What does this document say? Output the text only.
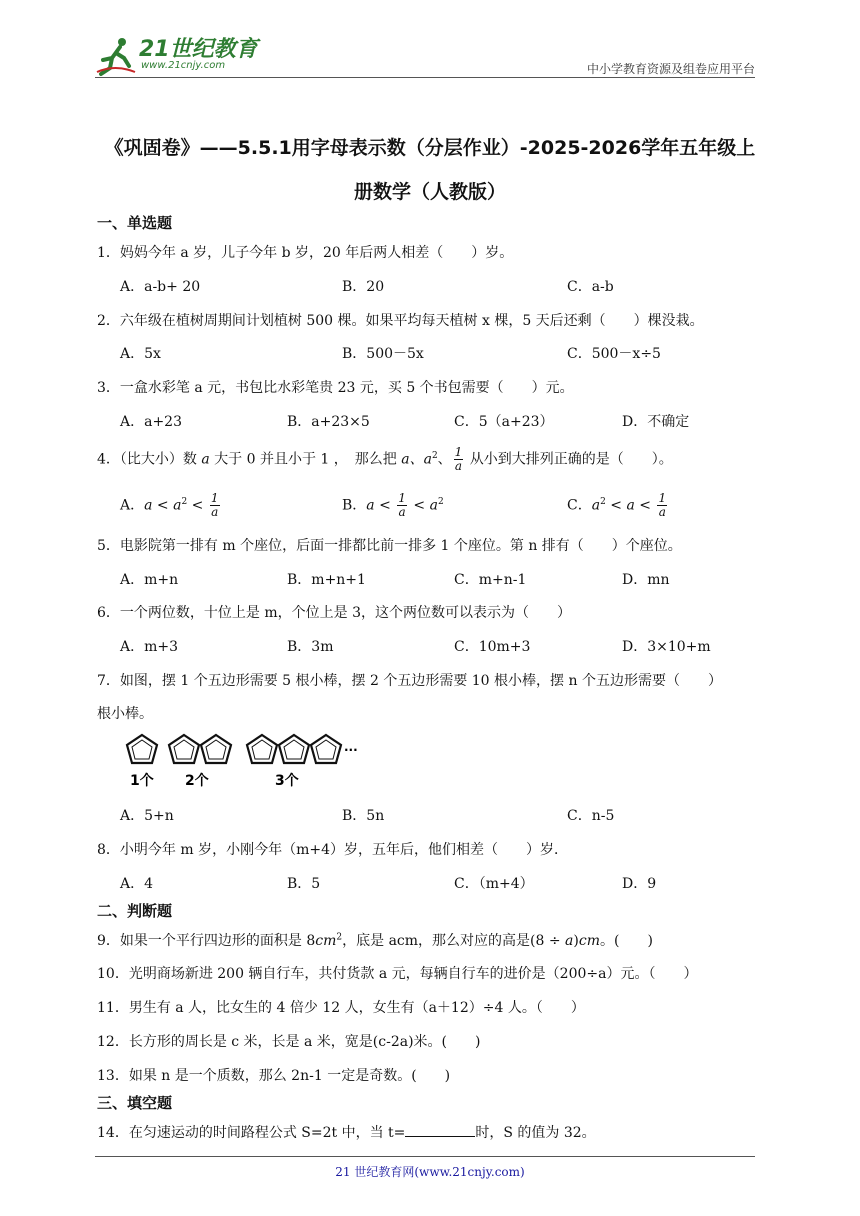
21世纪教育
www.21cnjy.com	中小学教育资源及组卷应用平台
《巩固卷》——5.5.1用字母表示数（分层作业）-2025-2026学年五年级上
册数学（人教版）
一、单选题
1．妈妈今年 a 岁，儿子今年 b 岁，20 年后两人相差（　　）岁。
A．a-b+ 20	B．20	C．a-b
2．六年级在植树周期间计划植树 500 棵。如果平均每天植树 x 棵，5 天后还剩（　　）棵没栽。
A．5x	B．500－5x	C．500－x÷5
3．一盒水彩笔 a 元，书包比水彩笔贵 23 元，买 5 个书包需要（　　）元。
A．a+23	B．a+23×5	C．5（a+23）	D．不确定
4．（比大小）数 a 大于 0 并且小于 1 ，　那么把 a、$a^2$、 $\frac{1}{a}$ 从小到大排列正确的是（　　）。
A．$a < a^2 < \frac{1}{a}$	B．$a < \frac{1}{a} < a^2$	C．$a^2 < a < \frac{1}{a}$
5．电影院第一排有 m 个座位，后面一排都比前一排多 1 个座位。第 n 排有（　　）个座位。
A．m+n	B．m+n+1	C．m+n-1	D．mn
6．一个两位数，十位上是 m，个位上是 3，这个两位数可以表示为（　　）
A．m+3	B．3m	C．10m+3	D．3×10+m
7．如图，摆 1 个五边形需要 5 根小棒，摆 2 个五边形需要 10 根小棒，摆 n 个五边形需要（　　）
根小棒。
···
1个 2个	3个
A．5+n	B．5n	C．n-5
8．小明今年 m 岁，小刚今年（m+4）岁，五年后，他们相差（　　）岁．
A．4	B．5	C．（m+4）	D．9
二、判断题
9．如果一个平行四边形的面积是 $8cm^2$，底是 acm，那么对应的高是(8 ÷ a)cm。(　　)
10．光明商场新进 200 辆自行车，共付货款 a 元，每辆自行车的进价是（200÷a）元。（　　）
11．男生有 a 人，比女生的 4 倍少 12 人，女生有（a＋12）÷4 人。（　　）
12．长方形的周长是 c 米，长是 a 米，宽是(c-2a)米。(　　)
13．如果 n 是一个质数，那么 2n-1 一定是奇数。(　　)
三、填空题
14．在匀速运动的时间路程公式 S=2t 中，当 t=	时，S 的值为 32。
21 世纪教育网(www.21cnjy.com)
